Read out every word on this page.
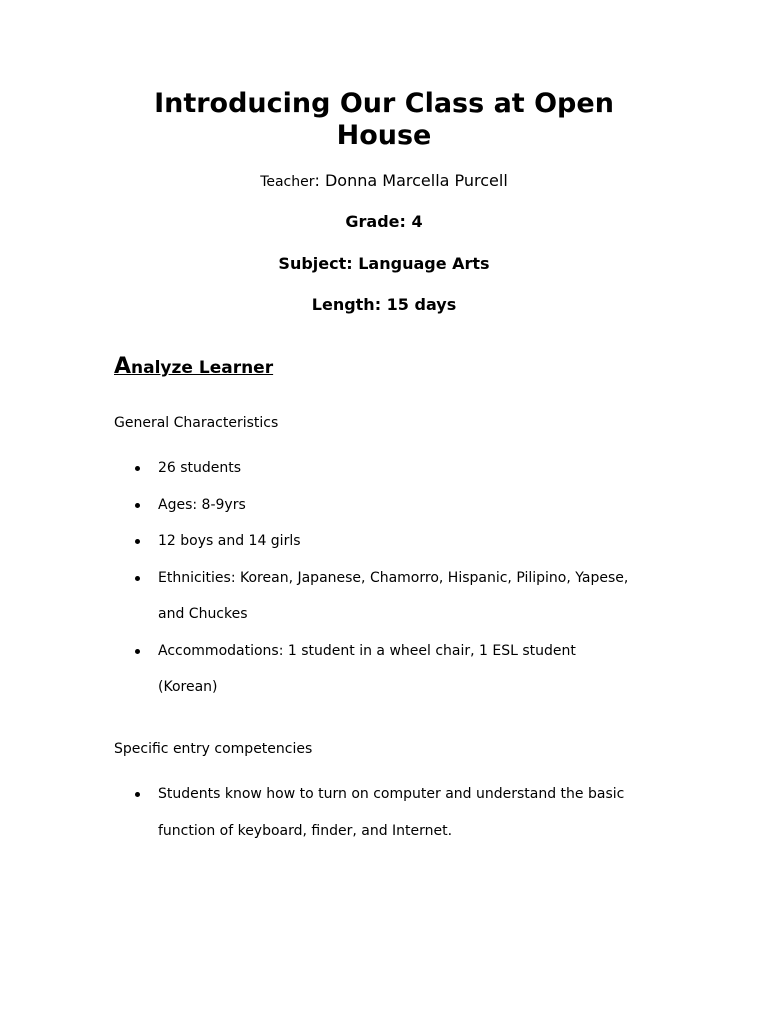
Introducing Our Class at Open House
Teacher: Donna Marcella Purcell
Grade: 4
Subject: Language Arts
Length: 15 days
Analyze Learner
General Characteristics
26 students
Ages: 8-9yrs
12 boys and 14 girls
Ethnicities: Korean, Japanese, Chamorro, Hispanic, Pilipino, Yapese, and Chuckes
Accommodations: 1 student in a wheel chair, 1 ESL student (Korean)
Specific entry competencies
Students know how to turn on computer and understand the basic function of keyboard, finder, and Internet.
